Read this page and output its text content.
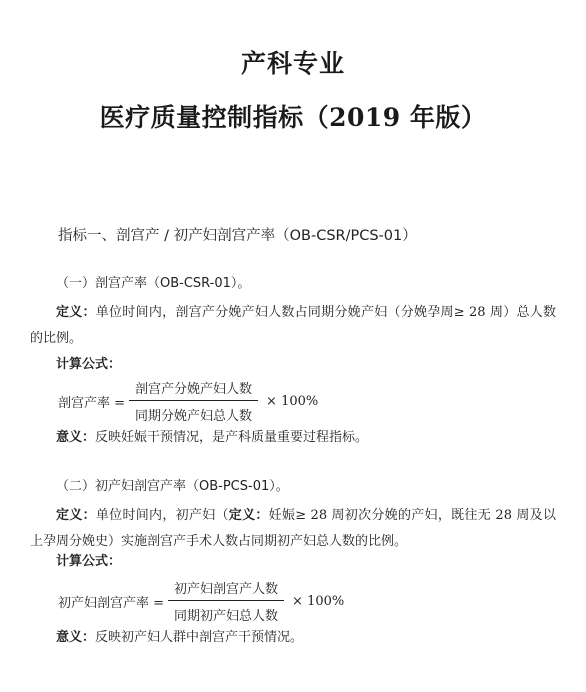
产科专业
医疗质量控制指标（2019 年版）
指标一、剖宫产 / 初产妇剖宫产率（OB-CSR/PCS-01）
（一）剖宫产率（OB-CSR-01）。
定义：单位时间内，剖宫产分娩产妇人数占同期分娩产妇（分娩孕周≥ 28 周）总人数的比例。
计算公式：
剖宫产率 = $\frac{\text{剖宫产分娩产妇人数}}{\text{同期分娩产妇总人数}} \times 100\%$
意义：反映妊娠干预情况，是产科质量重要过程指标。
（二）初产妇剖宫产率（OB-PCS-01）。
定义：单位时间内，初产妇（定义：妊娠≥ 28 周初次分娩的产妇，既往无 28 周及以上孕周分娩史）实施剖宫产手术人数占同期初产妇总人数的比例。
计算公式：
初产妇剖宫产率 = $\frac{\text{初产妇剖宫产人数}}{\text{同期初产妇总人数}} \times 100\%$
意义：反映初产妇人群中剖宫产干预情况。
